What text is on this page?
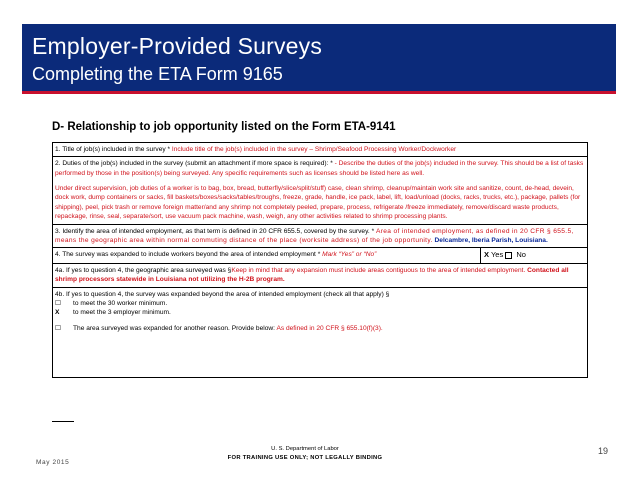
Employer-Provided Surveys
Completing the ETA Form 9165
D- Relationship to job opportunity listed on the Form ETA-9141
1. Title of job(s) included in the survey * Include title of the job(s) included in the survey – Shrimp/Seafood Processing Worker/Dockworker
2. Duties of the job(s) included in the survey (submit an attachment if more space is required): * - Describe the duties of the job(s) included in the survey. This should be a list of tasks performed by those in the position(s) being surveyed. Any specific requirements such as licenses should be listed here as well.
Under direct supervision, job duties of a worker is to bag, box, bread, butterfly/slice/split/stuff) case, clean shrimp, cleanup/maintain work site and sanitize, count, de-head, devein, dock work, dump containers or sacks, fill baskets/boxes/sacks/tables/troughs, freeze, grade, handle, ice pack, label, lift, load/unload (docks, racks, trucks, etc.), package, pallets (for shipping), peel, pick trash or remove foreign matter/and any shrimp not completely peeled, prepare, process, refrigerate /freeze immediately, remove/discard waste products, repackage, rinse, seal, separate/sort, use vacuum pack machine, wash, weigh, any other activities related to shrimp processing plants.
3. Identify the area of intended employment, as that term is defined in 20 CFR 655.5, covered by the survey. * Area of intended employment, as defined in 20 CFR § 655.5, means the geographic area within normal commuting distance of the place (worksite address) of the job opportunity. Delcambre, Iberia Parish, Louisiana.
4. The survey was expanded to include workers beyond the area of intended employment * Mark “Yes” or “No”	X Yes  No
4a. If yes to question 4, the geographic area surveyed was §Keep in mind that any expansion must include areas contiguous to the area of intended employment. Contacted all shrimp processors statewide in Louisiana not utilizing the H-2B program.
4b. If yes to question 4, the survey was expanded beyond the area of intended employment (check all that apply) §
☐	to meet the 30 worker minimum.
X	to meet the 3 employer minimum.
☐	The area surveyed was expanded for another reason. Provide below: As defined in 20 CFR § 655.10(f)(3).
May 2015
U. S. Department of Labor
FOR TRAINING USE ONLY; NOT LEGALLY BINDING
19
